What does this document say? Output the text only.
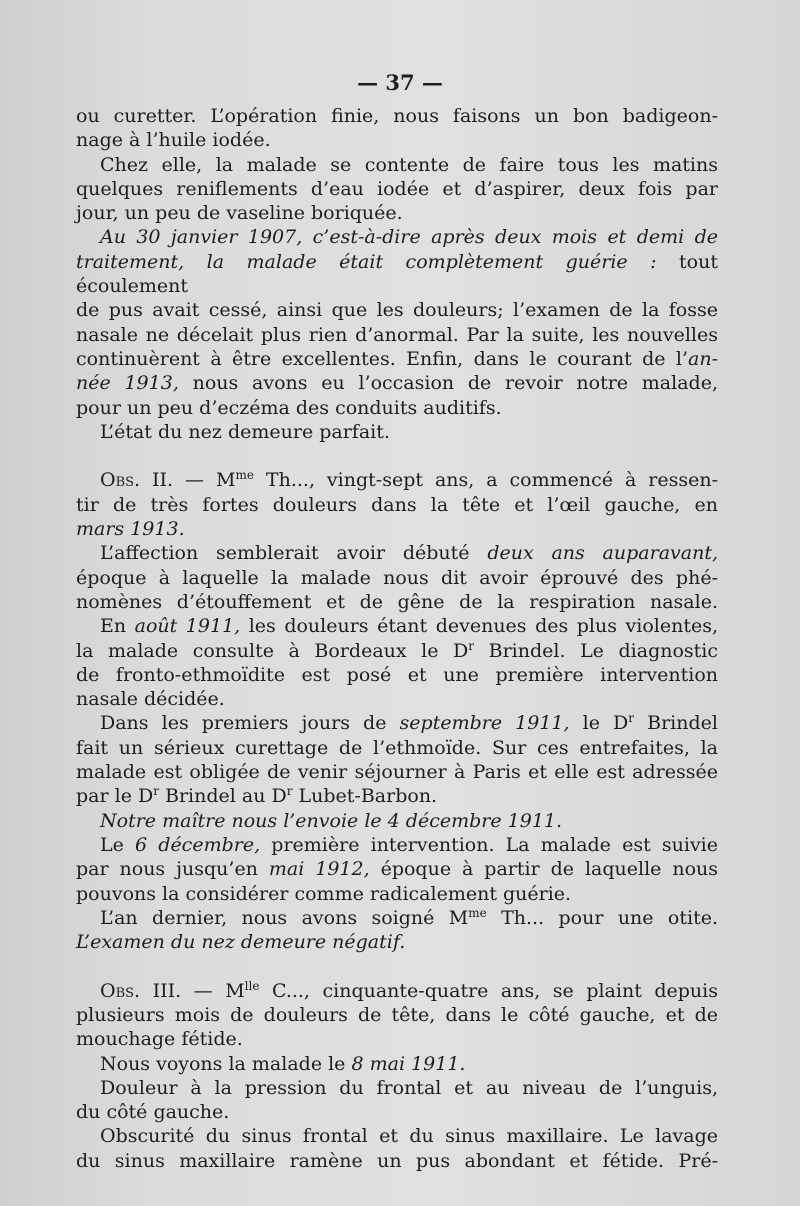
— 37 —

ou curetter. L’opération finie, nous faisons un bon badigeon-

nage à l’huile iodée.

Chez elle, la malade se contente de faire tous les matins

quelques reniflements d’eau iodée et d’aspirer, deux fois par

jour, un peu de vaseline boriquée.

Au 30 janvier 1907, c’est-à-dire après deux mois et demi de

traitement, la malade était complètement guérie : tout écoulement

de pus avait cessé, ainsi que les douleurs; l’examen de la fosse

nasale ne décelait plus rien d’anormal. Par la suite, les nouvelles

continuèrent à être excellentes. Enfin, dans le courant de l’an-

née 1913, nous avons eu l’occasion de revoir notre malade,

pour un peu d’eczéma des conduits auditifs.

L’état du nez demeure parfait.

Obs. II. — $M^{me}$ Th..., vingt-sept ans, a commencé à ressen-

tir de très fortes douleurs dans la tête et l’œil gauche, en

mars 1913.

L’affection semblerait avoir débuté deux ans auparavant,

époque à laquelle la malade nous dit avoir éprouvé des phé-

nomènes d’étouffement et de gêne de la respiration nasale.

En août 1911, les douleurs étant devenues des plus violentes,

la malade consulte à Bordeaux le $D^r$ Brindel. Le diagnostic

de fronto-ethmoïdite est posé et une première intervention

nasale décidée.

Dans les premiers jours de septembre 1911, le $D^r$ Brindel

fait un sérieux curettage de l’ethmoïde. Sur ces entrefaites, la

malade est obligée de venir séjourner à Paris et elle est adressée

par le $D^r$ Brindel au $D^r$ Lubet-Barbon.

Notre maître nous l’envoie le 4 décembre 1911.

Le 6 décembre, première intervention. La malade est suivie

par nous jusqu’en mai 1912, époque à partir de laquelle nous

pouvons la considérer comme radicalement guérie.

L’an dernier, nous avons soigné $M^{me}$ Th... pour une otite.

L’examen du nez demeure négatif.

Obs. III. — $M^{lle}$ C..., cinquante-quatre ans, se plaint depuis

plusieurs mois de douleurs de tête, dans le côté gauche, et de

mouchage fétide.

Nous voyons la malade le 8 mai 1911.

Douleur à la pression du frontal et au niveau de l’unguis,

du côté gauche.

Obscurité du sinus frontal et du sinus maxillaire. Le lavage

du sinus maxillaire ramène un pus abondant et fétide. Pré-
